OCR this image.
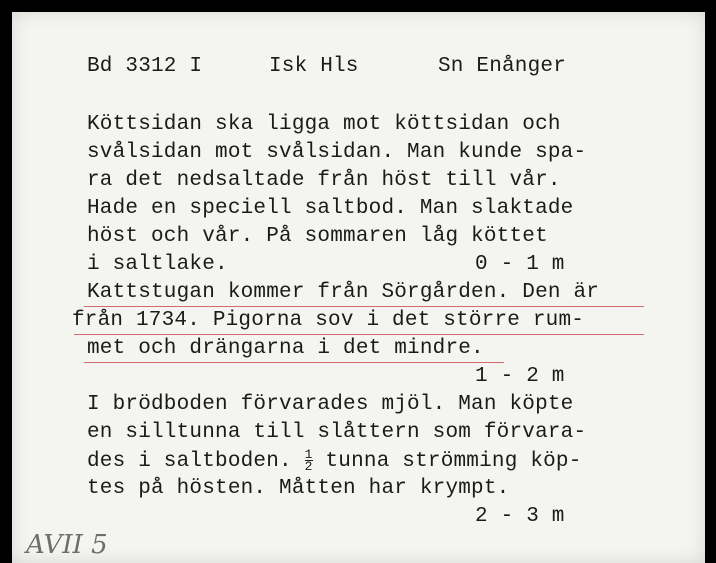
Bd 3312 I	Isk Hls	Sn Enånger
Köttsidan ska ligga mot köttsidan och
svålsidan mot svålsidan. Man kunde spa-
ra det nedsaltade från höst till vår.
Hade en speciell saltbod. Man slaktade
höst och vår. På sommaren låg köttet
i saltlake.	0 - 1 m
Kattstugan kommer från Sörgården. Den är
från 1734. Pigorna sov i det större rum-
met och drängarna i det mindre.
1 - 2 m
I brödboden förvarades mjöl. Man köpte
en silltunna till slåttern som förvara-
des i saltboden. $\frac{1}{2}$ tunna strömming köp-
tes på hösten. Måtten har krympt.
2 - 3 m
AVII 5
